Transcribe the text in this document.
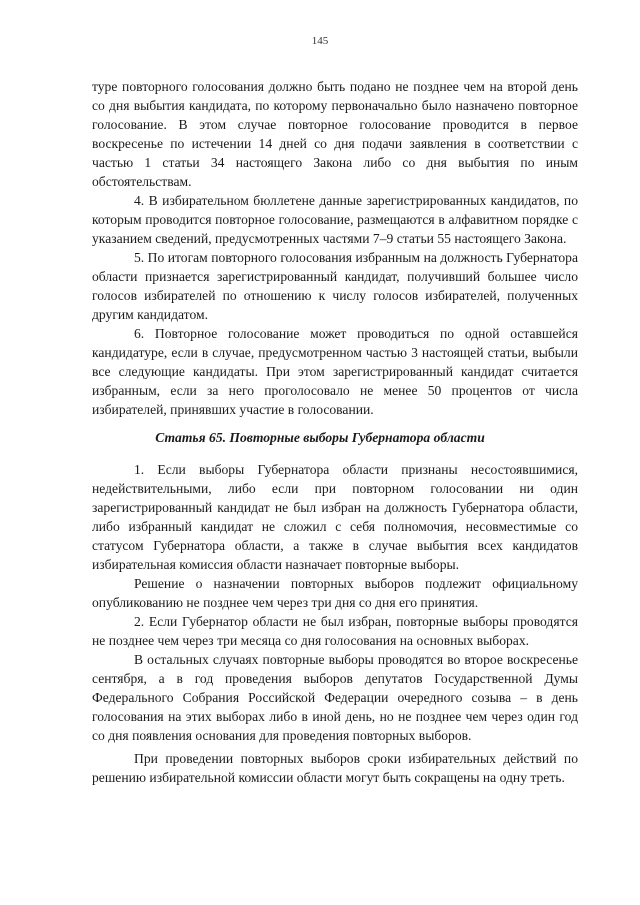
145

туре повторного голосования должно быть подано не позднее чем на второй день со дня выбытия кандидата, по которому первоначально было назначено повторное голосование. В этом случае повторное голосование проводится в первое воскресенье по истечении 14 дней со дня подачи заявления в соответствии с частью 1 статьи 34 настоящего Закона либо со дня выбытия по иным обстоятельствам.

4. В избирательном бюллетене данные зарегистрированных кандидатов, по которым проводится повторное голосование, размещаются в алфавитном порядке с указанием сведений, предусмотренных частями 7–9 статьи 55 настоящего Закона.

5. По итогам повторного голосования избранным на должность Губернатора области признается зарегистрированный кандидат, получивший большее число голосов избирателей по отношению к числу голосов избирателей, полученных другим кандидатом.

6. Повторное голосование может проводиться по одной оставшейся кандидатуре, если в случае, предусмотренном частью 3 настоящей статьи, выбыли все следующие кандидаты. При этом зарегистрированный кандидат считается избранным, если за него проголосовало не менее 50 процентов от числа избирателей, принявших участие в голосовании.

Статья 65. Повторные выборы Губернатора области

1. Если выборы Губернатора области признаны несостоявшимися, недействительными, либо если при повторном голосовании ни один зарегистрированный кандидат не был избран на должность Губернатора области, либо избранный кандидат не сложил с себя полномочия, несовместимые со статусом Губернатора области, а также в случае выбытия всех кандидатов избирательная комиссия области назначает повторные выборы.

Решение о назначении повторных выборов подлежит официальному опубликованию не позднее чем через три дня со дня его принятия.

2. Если Губернатор области не был избран, повторные выборы проводятся не позднее чем через три месяца со дня голосования на основных выборах.

В остальных случаях повторные выборы проводятся во второе воскресенье сентября, а в год проведения выборов депутатов Государственной Думы Федерального Собрания Российской Федерации очередного созыва – в день голосования на этих выборах либо в иной день, но не позднее чем через один год со дня появления основания для проведения повторных выборов.

При проведении повторных выборов сроки избирательных действий по решению избирательной комиссии области могут быть сокращены на одну треть.
